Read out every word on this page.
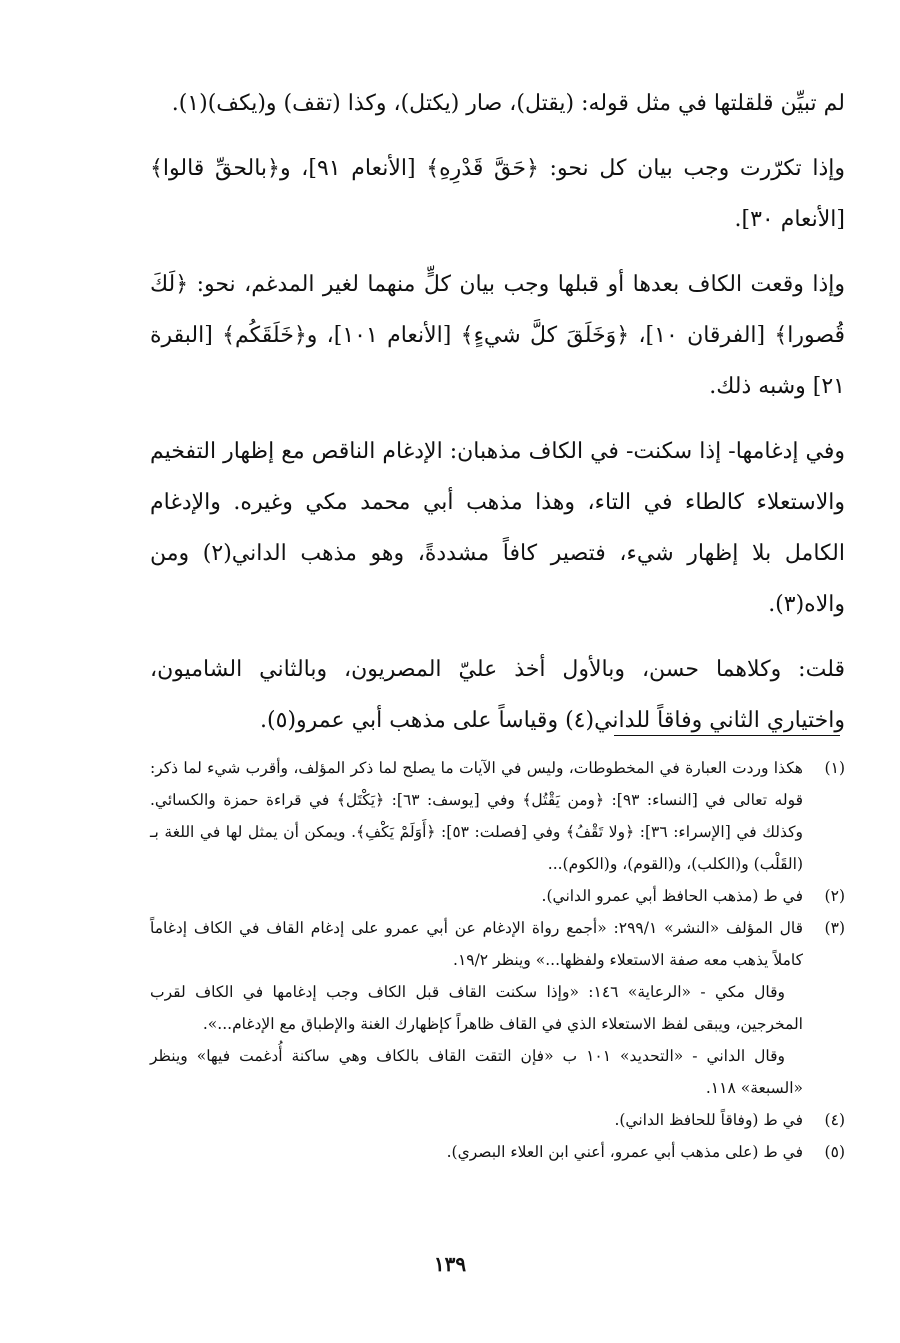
لم تبيِّن قلقلتها في مثل قوله: (يقتل)، صار (يكتل)، وكذا (تقف) و(يكف)(١).

وإذا تكرّرت وجب بيان كل نحو: ﴿حَقَّ قَدْرِهِ﴾ [الأنعام ٩١]، و﴿بالحقِّ قالوا﴾ [الأنعام ٣٠].

وإذا وقعت الكاف بعدها أو قبلها وجب بيان كلٍّ منهما لغير المدغم، نحو: ﴿لَكَ قُصورا﴾ [الفرقان ١٠]، ﴿وَخَلَقَ كلَّ شيءٍ﴾ [الأنعام ١٠١]، و﴿خَلَقَكُم﴾ [البقرة ٢١] وشبه ذلك.

وفي إدغامها- إذا سكنت- في الكاف مذهبان: الإدغام الناقص مع إظهار التفخيم والاستعلاء كالطاء في التاء، وهذا مذهب أبي محمد مكي وغيره. والإدغام الكامل بلا إظهار شيء، فتصير كافاً مشددةً، وهو مذهب الداني(٢) ومن والاه(٣).

قلت: وكلاهما حسن، وبالأول أخذ عليّ المصريون، وبالثاني الشاميون، واختياري الثاني وفاقاً للداني(٤) وقياساً على مذهب أبي عمرو(٥).

(١)

هكذا وردت العبارة في المخطوطات، وليس في الآيات ما يصلح لما ذكر المؤلف، وأقرب شيء لما ذكر: قوله تعالى في [النساء: ٩٣]: ﴿ومن يَقْتُل﴾ وفي [يوسف: ٦٣]: ﴿يَكْتَل﴾ في قراءة حمزة والكسائي. وكذلك في [الإسراء: ٣٦]: ﴿ولا تَقْفُ﴾ وفي [فصلت: ٥٣]: ﴿أَوَلَمْ يَكْفِ﴾. ويمكن أن يمثل لها في اللغة بـ (القَلْب) و(الكلب)، و(القوم)، و(الكوم)...

(٢)

في ط (مذهب الحافظ أبي عمرو الداني).

(٣)

قال المؤلف «النشر» ٢٩٩/١: «أجمع رواة الإدغام عن أبي عمرو على إدغام القاف في الكاف إدغاماً كاملاً يذهب معه صفة الاستعلاء ولفظها...» وينظر ١٩/٢.

وقال مكي - «الرعاية» ١٤٦: «وإذا سكنت القاف قبل الكاف وجب إدغامها في الكاف لقرب المخرجين، ويبقى لفظ الاستعلاء الذي في القاف ظاهراً كإظهارك الغنة والإطباق مع الإدغام...».

وقال الداني - «التحديد» ١٠١ ب «فإن التقت القاف بالكاف وهي ساكنة أُدغمت فيها» وينظر «السبعة» ١١٨.

(٤)

في ط (وفاقاً للحافظ الداني).

(٥)

في ط (على مذهب أبي عمرو، أعني ابن العلاء البصري).

١٣٩
